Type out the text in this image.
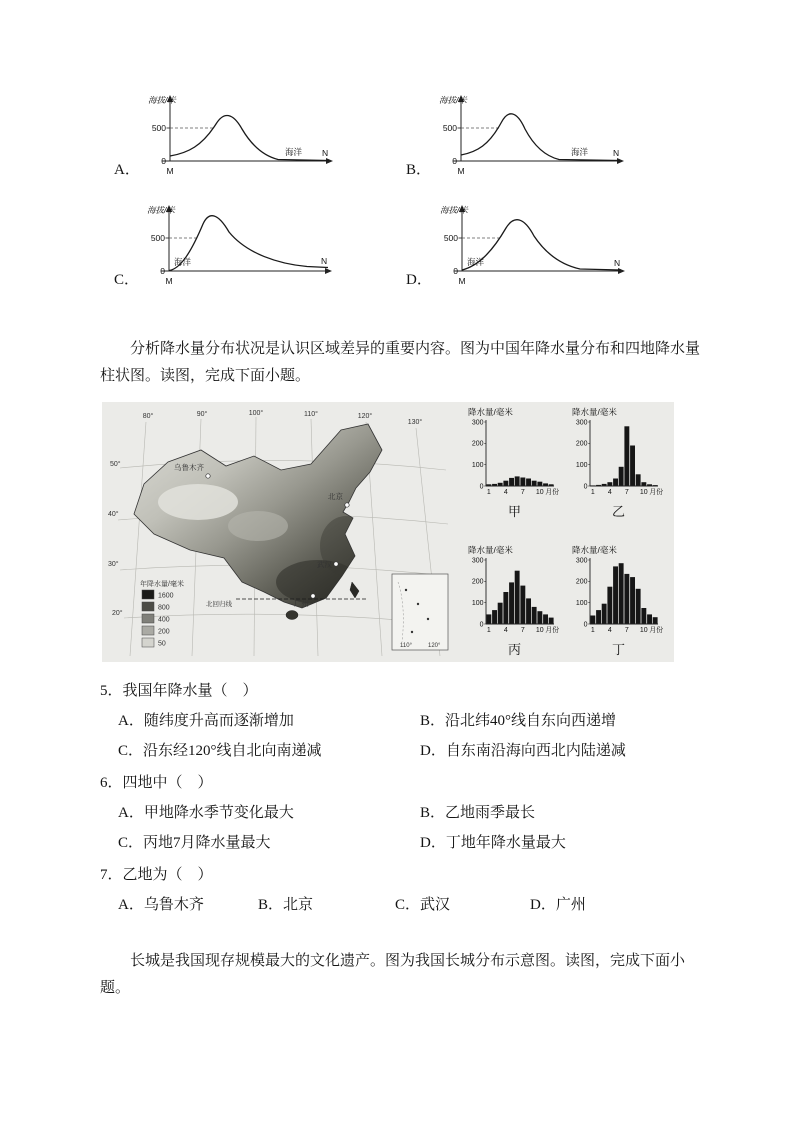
A．
海拔/米
500
0
M
N
海洋
B．
海拔/米
500
0
M
N
海洋
C．
海拔/米
500
0
M
N
海洋
D．
海拔/米
500
0
M
N
海洋

分析降水量分布状况是认识区域差异的重要内容。图为中国年降水量分布和四地降水量柱状图。读图，完成下面小题。

80°	90°	100°	110°	120°
130°
50°
40°
30°
20°
北回归线
乌鲁木齐
北京
武汉
广州
年降水量/毫米
1600
800
400
200
50	110°	120°
降水量/毫米
0
100
200
300
1 4 7 10 月份
甲
降水量/毫米
0
100
200
300
1 4 7 10 月份
乙
降水量/毫米
0
100
200
300
1 4 7 10 月份
丙
降水量/毫米
0
100
200
300
1 4 7 10 月份
丁
5．我国年降水量（　）
A．随纬度升高而逐渐增加	B．沿北纬40°线自东向西递增
C．沿东经120°线自北向南递减	D．自东南沿海向西北内陆递减
6．四地中（　）
A．甲地降水季节变化最大	B．乙地雨季最长
C．丙地7月降水量最大	D．丁地年降水量最大
7．乙地为（　）
A．乌鲁木齐	B．北京	C．武汉	D．广州

长城是我国现存规模最大的文化遗产。图为我国长城分布示意图。读图，完成下面小题。
